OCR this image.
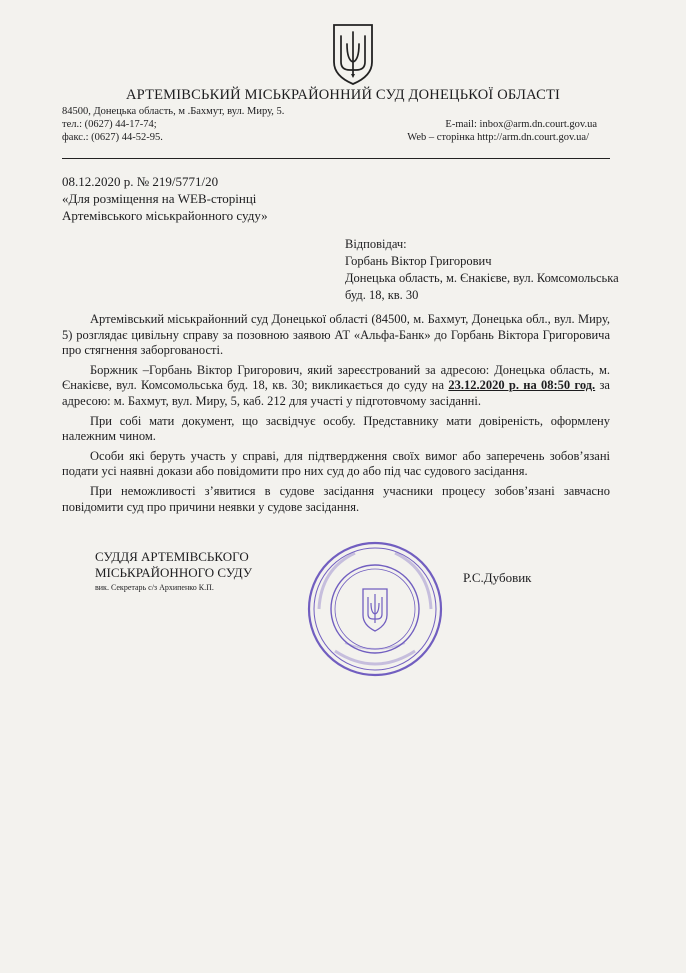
АРТЕМІВСЬКИЙ МІСЬКРАЙОННИЙ СУД ДОНЕЦЬКОЇ ОБЛАСТІ
84500, Донецька область, м .Бахмут, вул. Миру, 5.
тел.: (0627) 44-17-74;
факс.: (0627) 44-52-95.
E-mail: inbox@arm.dn.court.gov.ua
Web – сторінка http://arm.dn.court.gov.ua/
08.12.2020 р. № 219/5771/20
«Для розміщення на WEB-сторінці
Артемівського міськрайонного суду»
Відповідач:
Горбань Віктор Григорович
Донецька область, м. Єнакієве, вул. Комсомольська
буд. 18, кв. 30

Артемівський міськрайонний суд Донецької області (84500, м. Бахмут, Донецька обл., вул. Миру, 5) розглядає цивільну справу за позовною заявою АТ «Альфа-Банк» до Горбань Віктора Григоровича про стягнення заборгованості.

Боржник –Горбань Віктор Григорович, який зареєстрований за адресою: Донецька область, м. Єнакієве, вул. Комсомольська буд. 18, кв. 30; викликається до суду на 23.12.2020 р. на 08:50 год. за адресою: м. Бахмут, вул. Миру, 5, каб. 212 для участі у підготовчому засіданні.

При собі мати документ, що засвідчує особу. Представнику мати довіреність, оформлену належним чином.

Особи які беруть участь у справі, для підтвердження своїх вимог або заперечень зобов’язані подати усі наявні докази або повідомити про них суд до або під час судового засідання.

При неможливості з’явитися в судове засідання учасники процесу зобов’язані завчасно повідомити суд про причини неявки у судове засідання.

СУДДЯ АРТЕМІВСЬКОГО
МІСЬКРАЙОННОГО СУДУ
вик. Секретарь с/з Архипенко К.П.
Р.С.Дубовик
